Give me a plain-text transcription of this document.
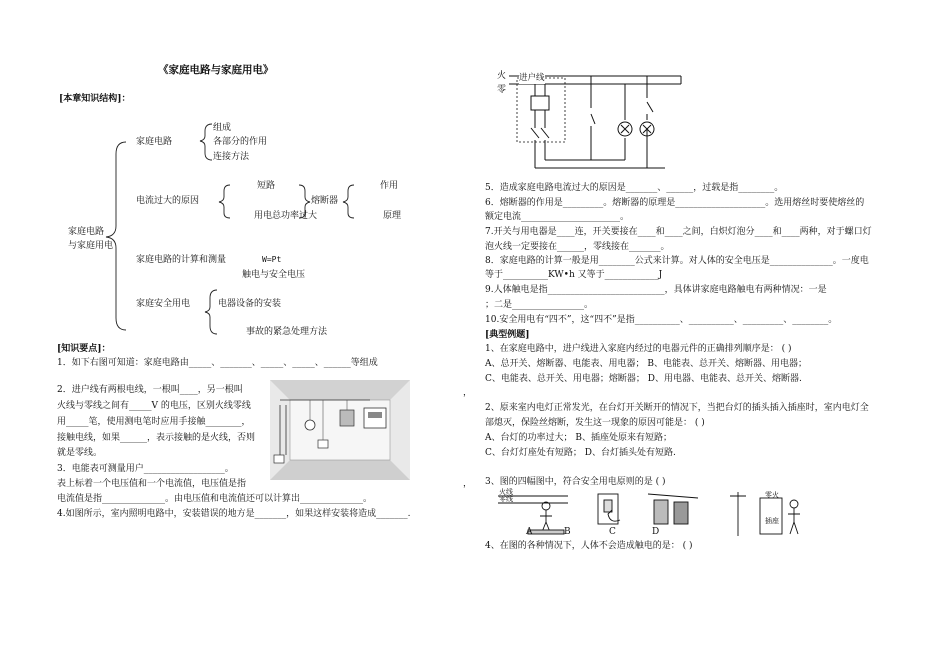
《家庭电路与家庭用电》
[本章知识结构]：
家庭电路
与家庭用电
家庭电路
组成
各部分的作用
连接方法
电流过大的原因
短路
用电总功率过大
熔断器
作用
原理
家庭电路的计算和测量	W=Pt
触电与安全电压
家庭安全用电	电器设备的安装
事故的紧急处理方法
[知识要点]：
1．如下右图可知道：家庭电路由_____、_______、_____、_____、______等组成
2．进户线有两根电线，一根叫____，另一根叫
火线与零线之间有_____V 的电压，区别火线零线
用_____笔，使用测电笔时应用手接触________，
接触电线，如果______，表示接触的是火线，否则
就是零线。
3．电能表可测量用户__________________。
表上标着一个电压值和一个电流值，电压值是指
电流值是指______________。由电压值和电流值还可以计算出______________。
4.如图所示，室内照明电路中，安装错误的地方是_______，如果这样安装将造成_______.
，
，
火
零
进户线
5．造成家庭电路电流过大的原因是_______、______，过载是指________。
6．熔断器的作用是_________。熔断器的原理是____________________。选用熔丝时要使熔丝的
额定电流______________________。
7.开关与用电器是____连，开关要接在____和____之间，白炽灯泡分____和____两种，对于螺口灯
泡火线一定要接在______，零线接在_______。
8．家庭电路的计算一般是用________公式来计算。对人体的安全电压是______________。一度电
等于__________KW•h 又等于____________J
9.人体触电是指__________________________，具体讲家庭电路触电有两种情况：一是
；二是________________。
10.安全用电有“四不”，这“四不”是指__________、__________、_________、________。
[典型例题]
1、在家庭电路中，进户线进入家庭内经过的电器元件的正确排列顺序是： ( )
A、总开关、熔断器、电能表、用电器； B、电能表、总开关、熔断器、用电器；
C、电能表、总开关、用电器；熔断器； D、用电器、电能表、总开关、熔断器.
2、原来室内电灯正常发光，在台灯开关断开的情况下，当把台灯的插头插入插座时，室内电灯全
部熄灭，保险丝熔断，发生这一现象的原因可能是： ( )
A、台灯的功率过大； B、插座处原来有短路；
C、台灯灯座处有短路； D、台灯插头处有短路.
3、图的四幅图中，符合安全用电原则的是 ( )
火线
零线	零火
插座
A	B	C	D
4、在图的各种情况下，人体不会造成触电的是： ( )
